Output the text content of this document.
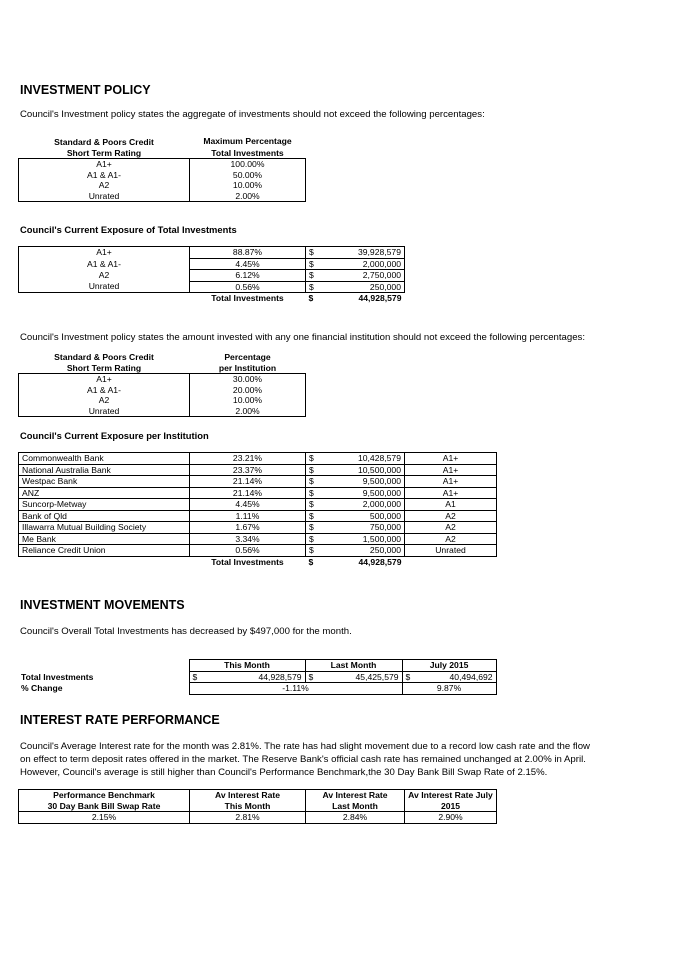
INVESTMENT POLICY

Council's Investment policy states the aggregate of investments should not exceed the following percentages:

Standard & Poors Credit	Maximum Percentage
Short Term Rating	Total Investments
A1+	100.00%
A1 & A1-	50.00%
A2	10.00%
Unrated	2.00%

Council's Current Exposure of Total Investments

A1+	88.87%	$	39,928,579
A1 & A1-	4.45%	$	2,000,000
A2	6.12%	$	2,750,000
Unrated	0.56%	$	250,000
	Total Investments	$	44,928,579

Council's Investment policy states the amount invested with any one financial institution should not exceed the following percentages:

Standard & Poors Credit	Percentage
Short Term Rating	per Institution
A1+	30.00%
A1 & A1-	20.00%
A2	10.00%
Unrated	2.00%

Council's Current Exposure per Institution

Commonwealth Bank	23.21%	$	10,428,579	A1+
National Australia Bank	23.37%	$	10,500,000	A1+
Westpac Bank	21.14%	$	9,500,000	A1+
ANZ	21.14%	$	9,500,000	A1+
Suncorp-Metway	4.45%	$	2,000,000	A1
Bank of Qld	1.11%	$	500,000	A2
Illawarra Mutual Building Society	1.67%	$	750,000	A2
Me Bank	3.34%	$	1,500,000	A2
Reliance Credit Union	0.56%	$	250,000	Unrated
	Total Investments	$	44,928,579	
INVESTMENT MOVEMENTS

Council's Overall Total Investments has decreased by $497,000 for the month.

	This Month		Last Month		July 2015	
Total Investments	$	44,928,579	$	45,425,579	$	40,494,692
% Change	-1.11%				9.87%	
INTEREST RATE PERFORMANCE

Council's Average Interest rate for the month was 2.81%. The rate has had slight movement due to a record low cash rate and the flow

on effect to term deposit rates offered in the market. The Reserve Bank's official cash rate has remained unchanged at 2.00% in April.

However, Council's average is still higher than Council's Performance Benchmark,the 30 Day Bank Bill Swap Rate of 2.15%.

Performance Benchmark	Av Interest Rate	Av Interest Rate	Av Interest Rate July
30 Day Bank Bill Swap Rate	This Month	Last Month	2015
2.15%	2.81%	2.84%	2.90%
